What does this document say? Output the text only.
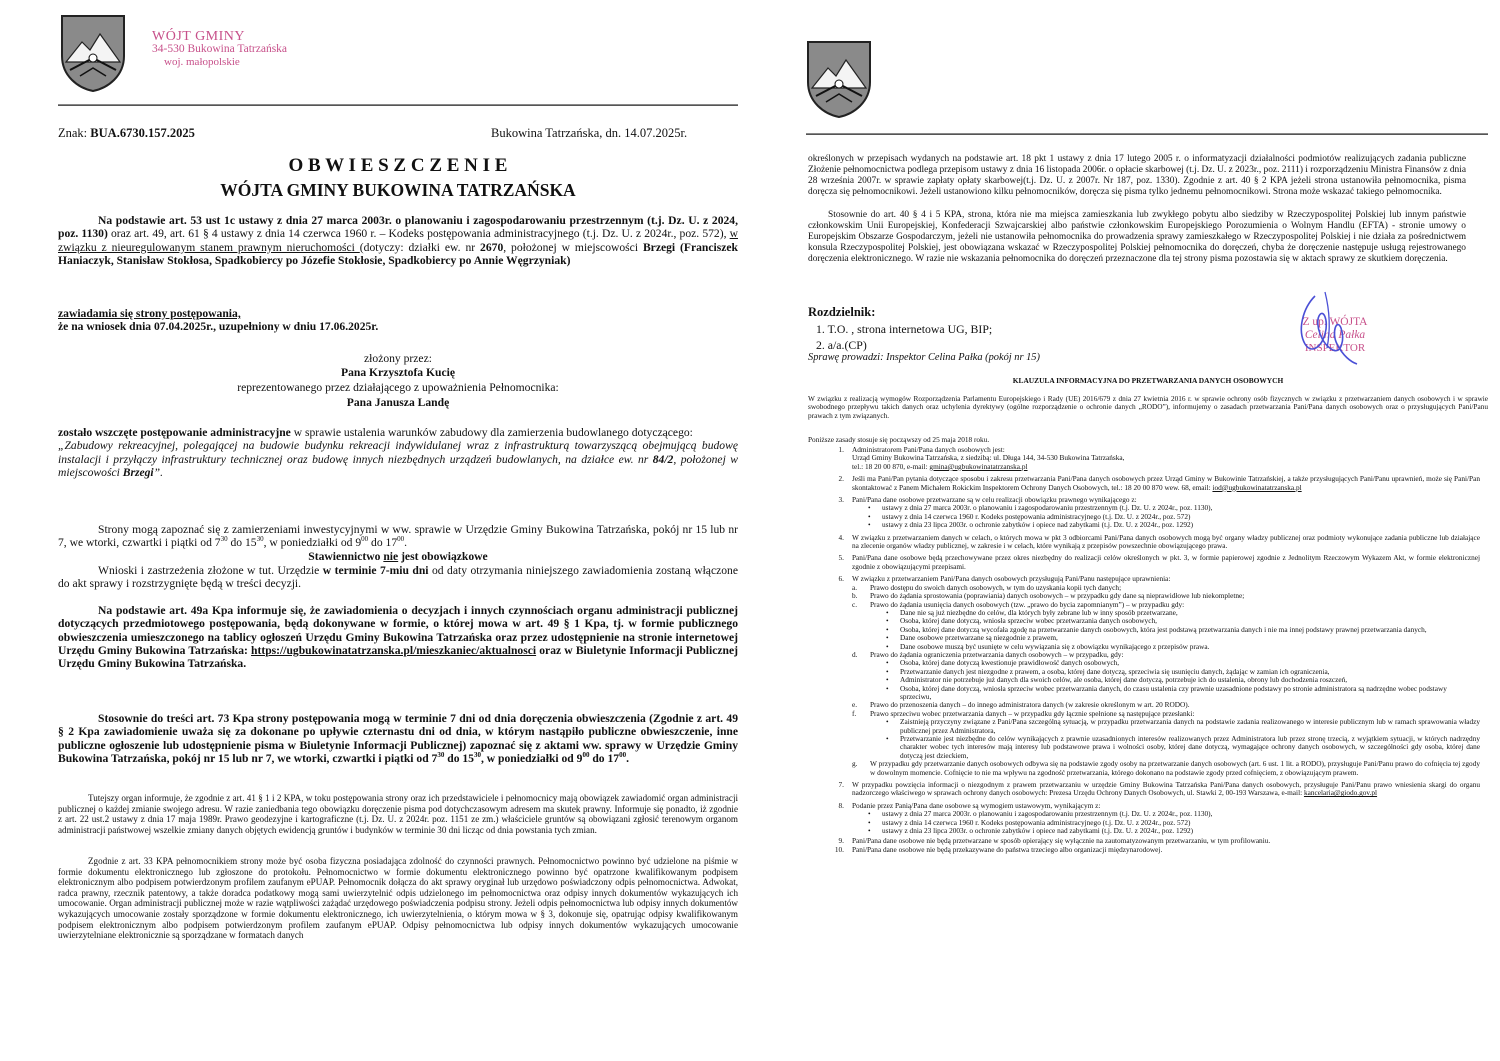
WÓJT GMINY
34-530 Bukowina Tatrzańska
woj. małopolskie
Znak: BUA.6730.157.2025	Bukowina Tatrzańska, dn. 14.07.2025r.
O B W I E S Z C Z E N I E
WÓJTA GMINY BUKOWINA TATRZAŃSKA
Na podstawie art. 53 ust 1c ustawy z dnia 27 marca 2003r. o planowaniu i zagospodarowaniu przestrzennym (t.j. Dz. U. z 2024, poz. 1130) oraz art. 49, art. 61 § 4 ustawy z dnia 14 czerwca 1960 r. – Kodeks postępowania administracyjnego (t.j. Dz. U. z 2024r., poz. 572), w związku z nieuregulowanym stanem prawnym nieruchomości (dotyczy: działki ew. nr 2670, położonej w miejscowości Brzegi (Franciszek Haniaczyk, Stanisław Stokłosa, Spadkobiercy po Józefie Stokłosie, Spadkobiercy po Annie Węgrzyniak)
zawiadamia się strony postępowania,
że na wniosek dnia 07.04.2025r., uzupełniony w dniu 17.06.2025r.
złożony przez:
Pana Krzysztofa Kucię
reprezentowanego przez działającego z upoważnienia Pełnomocnika:
Pana Janusza Landę
zostało wszczęte postępowanie administracyjne w sprawie ustalenia warunków zabudowy dla zamierzenia budowlanego dotyczącego:
„Zabudowy rekreacyjnej, polegającej na budowie budynku rekreacji indywidulanej wraz z infrastrukturą towarzyszącą obejmującą budowę instalacji i przyłączy infrastruktury technicznej oraz budowę innych niezbędnych urządzeń budowlanych, na działce ew. nr 84/2, położonej w miejscowości Brzegi”.
Strony mogą zapoznać się z zamierzeniami inwestycyjnymi w ww. sprawie w Urzędzie Gminy Bukowina Tatrzańska, pokój nr 15 lub nr 7, we wtorki, czwartki i piątki od $7^{30}$ do $15^{30}$, w poniedziałki od $9^{00}$ do $17^{00}$.
Stawiennictwo nie jest obowiązkowe
Wnioski i zastrzeżenia złożone w tut. Urzędzie w terminie 7-miu dni od daty otrzymania niniejszego zawiadomienia zostaną włączone do akt sprawy i rozstrzygnięte będą w treści decyzji.
Na podstawie art. 49a Kpa informuje się, że zawiadomienia o decyzjach i innych czynnościach organu administracji publicznej dotyczących przedmiotowego postępowania, będą dokonywane w formie, o której mowa w art. 49 § 1 Kpa, tj. w formie publicznego obwieszczenia umieszczonego na tablicy ogłoszeń Urzędu Gminy Bukowina Tatrzańska oraz przez udostępnienie na stronie internetowej Urzędu Gminy Bukowina Tatrzańska: https://ugbukowinatatrzanska.pl/mieszkaniec/aktualnosci oraz w Biuletynie Informacji Publicznej Urzędu Gminy Bukowina Tatrzańska.
Stosownie do treści art. 73 Kpa strony postępowania mogą w terminie 7 dni od dnia doręczenia obwieszczenia (Zgodnie z art. 49 § 2 Kpa zawiadomienie uważa się za dokonane po upływie czternastu dni od dnia, w którym nastąpiło publiczne obwieszczenie, inne publiczne ogłoszenie lub udostępnienie pisma w Biuletynie Informacji Publicznej) zapoznać się z aktami ww. sprawy w Urzędzie Gminy Bukowina Tatrzańska, pokój nr 15 lub nr 7, we wtorki, czwartki i piątki od $7^{30}$ do $15^{30}$, w poniedziałki od $9^{00}$ do $17^{00}$.
Tutejszy organ informuje, że zgodnie z art. 41 § 1 i 2 KPA, w toku postępowania strony oraz ich przedstawiciele i pełnomocnicy mają obowiązek zawiadomić organ administracji publicznej o każdej zmianie swojego adresu. W razie zaniedbania tego obowiązku doręczenie pisma pod dotychczasowym adresem ma skutek prawny. Informuje się ponadto, iż zgodnie z art. 22 ust.2 ustawy z dnia 17 maja 1989r. Prawo geodezyjne i kartograficzne (t.j. Dz. U. z 2024r. poz. 1151 ze zm.) właściciele gruntów są obowiązani zgłosić terenowym organom administracji państwowej wszelkie zmiany danych objętych ewidencją gruntów i budynków w terminie 30 dni licząc od dnia powstania tych zmian.
Zgodnie z art. 33 KPA pełnomocnikiem strony może być osoba fizyczna posiadająca zdolność do czynności prawnych. Pełnomocnictwo powinno być udzielone na piśmie w formie dokumentu elektronicznego lub zgłoszone do protokołu. Pełnomocnictwo w formie dokumentu elektronicznego powinno być opatrzone kwalifikowanym podpisem elektronicznym albo podpisem potwierdzonym profilem zaufanym ePUAP. Pełnomocnik dołącza do akt sprawy oryginał lub urzędowo poświadczony odpis pełnomocnictwa. Adwokat, radca prawny, rzecznik patentowy, a także doradca podatkowy mogą sami uwierzytelnić odpis udzielonego im pełnomocnictwa oraz odpisy innych dokumentów wykazujących ich umocowanie. Organ administracji publicznej może w razie wątpliwości zażądać urzędowego poświadczenia podpisu strony. Jeżeli odpis pełnomocnictwa lub odpisy innych dokumentów wykazujących umocowanie zostały sporządzone w formie dokumentu elektronicznego, ich uwierzytelnienia, o którym mowa w § 3, dokonuje się, opatrując odpisy kwalifikowanym podpisem elektronicznym albo podpisem potwierdzonym profilem zaufanym ePUAP. Odpisy pełnomocnictwa lub odpisy innych dokumentów wykazujących umocowanie uwierzytelniane elektronicznie są sporządzane w formatach danych
określonych w przepisach wydanych na podstawie art. 18 pkt 1 ustawy z dnia 17 lutego 2005 r. o informatyzacji działalności podmiotów realizujących zadania publiczne Złożenie pełnomocnictwa podlega przepisom ustawy z dnia 16 listopada 2006r. o opłacie skarbowej (t.j. Dz. U. z 2023r., poz. 2111) i rozporządzeniu Ministra Finansów z dnia 28 września 2007r. w sprawie zapłaty opłaty skarbowej(t.j. Dz. U. z 2007r. Nr 187, poz. 1330). Zgodnie z art. 40 § 2 KPA jeżeli strona ustanowiła pełnomocnika, pisma doręcza się pełnomocnikowi. Jeżeli ustanowiono kilku pełnomocników, doręcza się pisma tylko jednemu pełnomocnikowi. Strona może wskazać takiego pełnomocnika.
Stosownie do art. 40 § 4 i 5 KPA, strona, która nie ma miejsca zamieszkania lub zwykłego pobytu albo siedziby w Rzeczypospolitej Polskiej lub innym państwie członkowskim Unii Europejskiej, Konfederacji Szwajcarskiej albo państwie członkowskim Europejskiego Porozumienia o Wolnym Handlu (EFTA) - stronie umowy o Europejskim Obszarze Gospodarczym, jeżeli nie ustanowiła pełnomocnika do prowadzenia sprawy zamieszkałego w Rzeczypospolitej Polskiej i nie działa za pośrednictwem konsula Rzeczypospolitej Polskiej, jest obowiązana wskazać w Rzeczypospolitej Polskiej pełnomocnika do doręczeń, chyba że doręczenie następuje usługą rejestrowanego doręczenia elektronicznego. W razie nie wskazania pełnomocnika do doręczeń przeznaczone dla tej strony pisma pozostawia się w aktach sprawy ze skutkiem doręczenia.
Rozdzielnik:
1. T.O. , strona internetowa UG, BIP;
2. a/a.(CP)
Sprawę prowadzi: Inspektor Celina Pałka (pokój nr 15)
Z up. WÓJTA
Celina Pałka
INSPEKTOR
KLAUZULA INFORMACYJNA DO PRZETWARZANIA DANYCH OSOBOWYCH
W związku z realizacją wymogów Rozporządzenia Parlamentu Europejskiego i Rady (UE) 2016/679 z dnia 27 kwietnia 2016 r. w sprawie ochrony osób fizycznych w związku z przetwarzaniem danych osobowych i w sprawie swobodnego przepływu takich danych oraz uchylenia dyrektywy (ogólne rozporządzenie o ochronie danych „RODO”), informujemy o zasadach przetwarzania Pani/Pana danych osobowych oraz o przysługujących Pani/Panu prawach z tym związanych.
Poniższe zasady stosuje się począwszy od 25 maja 2018 roku.
1. Administratorem Pani/Pana danych osobowych jest:
Urząd Gminy Bukowina Tatrzańska, z siedzibą: ul. Długa 144, 34-530 Bukowina Tatrzańska,
tel.: 18 20 00 870, e-mail: gmina@ugbukowinatatrzanska.pl
2. Jeśli ma Pani/Pan pytania dotyczące sposobu i zakresu przetwarzania Pani/Pana danych osobowych przez Urząd Gminy w Bukowinie Tatrzańskiej, a także przysługujących Pani/Panu uprawnień, może się Pani/Pan skontaktować z Panem Michałem Rokickim Inspektorem Ochrony Danych Osobowych, tel.: 18 20 00 870 wew. 68, email: iod@ugbukowinatatrzanska.pl
3. Pani/Pana dane osobowe przetwarzane są w celu realizacji obowiązku prawnego wynikającego z:
• ustawy z dnia 27 marca 2003r. o planowaniu i zagospodarowaniu przestrzennym (t.j. Dz. U. z 2024r., poz. 1130),
• ustawy z dnia 14 czerwca 1960 r. Kodeks postępowania administracyjnego (t.j. Dz. U. z 2024r., poz. 572)
• ustawy z dnia 23 lipca 2003r. o ochronie zabytków i opiece nad zabytkami (t.j. Dz. U. z 2024r., poz. 1292)
4. W związku z przetwarzaniem danych w celach, o których mowa w pkt 3 odbiorcami Pani/Pana danych osobowych mogą być organy władzy publicznej oraz podmioty wykonujące zadania publiczne lub działające na zlecenie organów władzy publicznej, w zakresie i w celach, które wynikają z przepisów powszechnie obowiązującego prawa.
5. Pani/Pana dane osobowe będą przechowywane przez okres niezbędny do realizacji celów określonych w pkt. 3, w formie papierowej zgodnie z Jednolitym Rzeczowym Wykazem Akt, w formie elektronicznej zgodnie z obowiązującymi przepisami.
6. W związku z przetwarzaniem Pani/Pana danych osobowych przysługują Pani/Panu następujące uprawnienia:
a. Prawo dostępu do swoich danych osobowych, w tym do uzyskania kopii tych danych;
b. Prawo do żądania sprostowania (poprawiania) danych osobowych – w przypadku gdy dane są nieprawidłowe lub niekompletne;
c. Prawo do żądania usunięcia danych osobowych (tzw. „prawo do bycia zapomnianym”) – w przypadku gdy:
• Dane nie są już niezbędne do celów, dla których były zebrane lub w inny sposób przetwarzane,
• Osoba, której dane dotyczą, wniosła sprzeciw wobec przetwarzania danych osobowych,
• Osoba, której dane dotyczą wycofała zgodę na przetwarzanie danych osobowych, która jest podstawą przetwarzania danych i nie ma innej podstawy prawnej przetwarzania danych,
• Dane osobowe przetwarzane są niezgodnie z prawem,
• Dane osobowe muszą być usunięte w celu wywiązania się z obowiązku wynikającego z przepisów prawa.
d. Prawo do żądania ograniczenia przetwarzania danych osobowych – w przypadku, gdy:
• Osoba, której dane dotyczą kwestionuje prawidłowość danych osobowych,
• Przetwarzanie danych jest niezgodne z prawem, a osoba, której dane dotyczą, sprzeciwia się usunięciu danych, żądając w zamian ich ograniczenia,
• Administrator nie potrzebuje już danych dla swoich celów, ale osoba, której dane dotyczą, potrzebuje ich do ustalenia, obrony lub dochodzenia roszczeń,
• Osoba, której dane dotyczą, wniosła sprzeciw wobec przetwarzania danych, do czasu ustalenia czy prawnie uzasadnione podstawy po stronie administratora są nadrzędne wobec podstawy sprzeciwu,
e. Prawo do przenoszenia danych – do innego administratora danych (w zakresie określonym w art. 20 RODO).
f. Prawo sprzeciwu wobec przetwarzania danych – w przypadku gdy łącznie spełnione są następujące przesłanki:
• Zaistnieją przyczyny związane z Pani/Pana szczególną sytuacją, w przypadku przetwarzania danych na podstawie zadania realizowanego w interesie publicznym lub w ramach sprawowania władzy publicznej przez Administratora,
• Przetwarzanie jest niezbędne do celów wynikających z prawnie uzasadnionych interesów realizowanych przez Administratora lub przez stronę trzecią, z wyjątkiem sytuacji, w których nadrzędny charakter wobec tych interesów mają interesy lub podstawowe prawa i wolności osoby, której dane dotyczą, wymagające ochrony danych osobowych, w szczególności gdy osoba, której dane dotyczą jest dzieckiem,
g. W przypadku gdy przetwarzanie danych osobowych odbywa się na podstawie zgody osoby na przetwarzanie danych osobowych (art. 6 ust. 1 lit. a RODO), przysługuje Pani/Panu prawo do cofnięcia tej zgody w dowolnym momencie. Cofnięcie to nie ma wpływu na zgodność przetwarzania, którego dokonano na podstawie zgody przed cofnięciem, z obowiązującym prawem.
7. W przypadku powzięcia informacji o niezgodnym z prawem przetwarzaniu w urzędzie Gminy Bukowina Tatrzańska Pani/Pana danych osobowych, przysługuje Pani/Panu prawo wniesienia skargi do organu nadzorczego właściwego w sprawach ochrony danych osobowych: Prezesa Urzędu Ochrony Danych Osobowych, ul. Stawki 2, 00-193 Warszawa, e-mail: kancelaria@giodo.gov.pl
8. Podanie przez Panią/Pana dane osobowe są wymogiem ustawowym, wynikającym z:
• ustawy z dnia 27 marca 2003r. o planowaniu i zagospodarowaniu przestrzennym (t.j. Dz. U. z 2024r., poz. 1130),
• ustawy z dnia 14 czerwca 1960 r. Kodeks postępowania administracyjnego (t.j. Dz. U. z 2024r., poz. 572)
• ustawy z dnia 23 lipca 2003r. o ochronie zabytków i opiece nad zabytkami (t.j. Dz. U. z 2024r., poz. 1292)
9. Pani/Pana dane osobowe nie będą przetwarzane w sposób opierający się wyłącznie na zautomatyzowanym przetwarzaniu, w tym profilowaniu.
10. Pani/Pana dane osobowe nie będą przekazywane do państwa trzeciego albo organizacji międzynarodowej.
